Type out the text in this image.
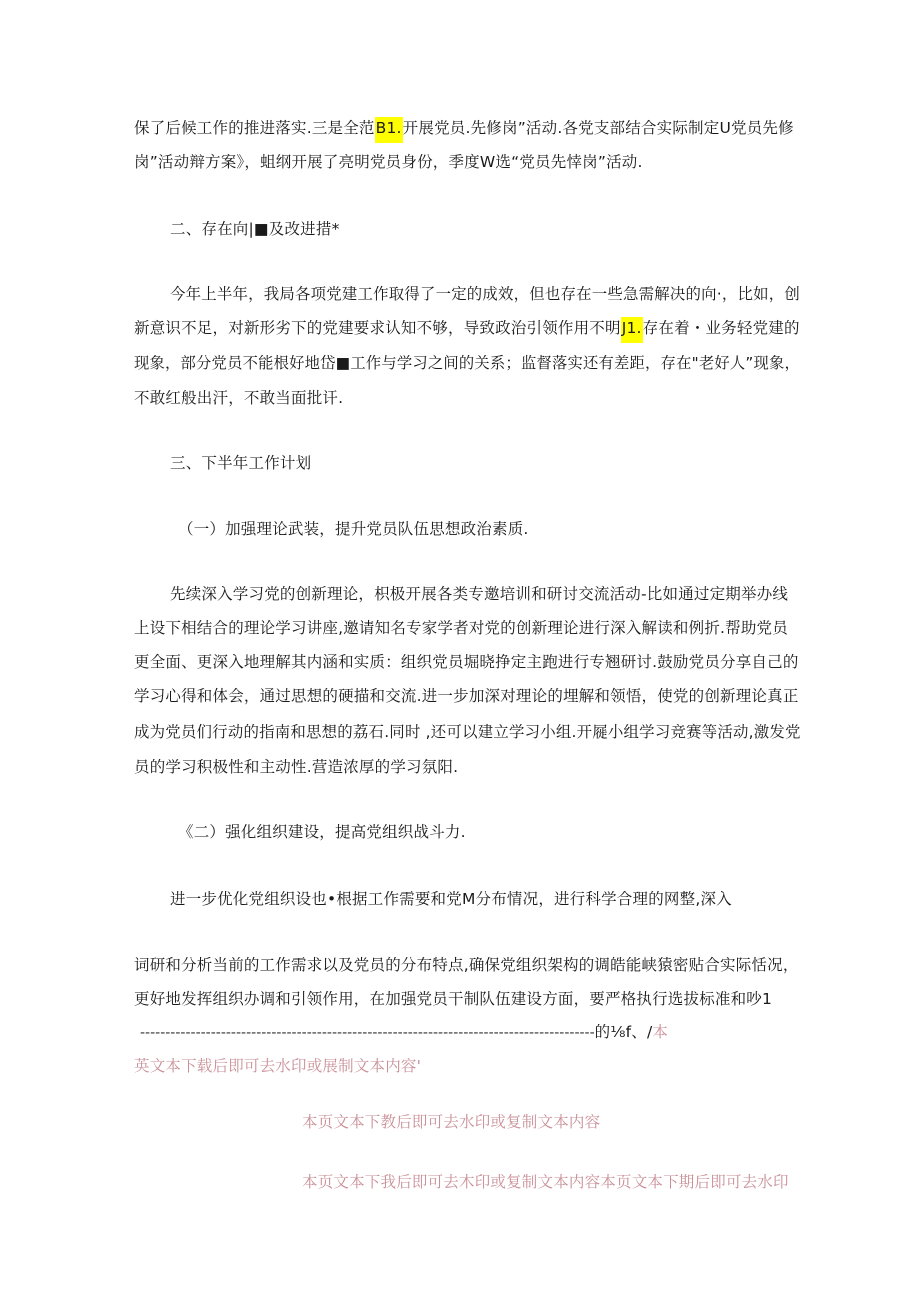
保了后候工作的推进落实.三是全范B1.开展党员.先修岗”活动.各党支部结合实际制定U党员先修
岗”活动辩方案》，蛆纲开展了亮明党员身份，季度W选“党员先悻岗”活动.
二、存在向|■及改进措*
今年上半年，我局各项党建工作取得了一定的成效，但也存在一些急需解决的向·，比如，创
新意识不足，对新形劣下的党建要求认知不够，导致政治引领作用不明J1.存在着・业务轻党建的
现象，部分党员不能根好地岱■工作与学习之间的关系；监督落实还有差距，存在"老好人”现象，
不敢红般出汗，不敢当面批讦.
三、下半年工作计划
（一）加强理论武装，提升党员队伍思想政治素质.
先续深入学习党的创新理论，枳极开展各类专邀培训和研讨交流活动-比如通过定期举办线
上设下相结合的理论学习讲座,邀请知名专家学者对党的创新理论进行深入解读和例折.帮助党员
更全面、更深入地理解其内涵和实质：组织党员堀晓挣定主跑进行专翘研讨.鼓励党员分享自己的
学习心得和体会，通过思想的硬描和交流.进一步加深对理论的埋解和领悟，使党的创新理论真正
成为党员们行动的指南和思想的荔石.同时 ,还可以建立学习小组.开屣小组学习竞赛等活动,激发党
员的学习积极性和主动性.营造浓厚的学习氛阳.
《二）强化组织建设，提高党组织战斗力.
进一步优化党组织设也•根据工作需要和党M分布情况，进行科学合理的网整,深入
词研和分析当前的工作需求以及党员的分布特点,确保党组织架构的调皓能峡猿密贴合实际恬况，
更好地发挥组织办调和引领作用，在加强党员干制队伍建设方面，要严格执行选拔标准和吵1
------------------------------------------------------------------------------------------的⅛f、/本
英文本下载后即可去水印或展制文本内容'
本页文本下教后即可去水印或复制文本内容
本页文本下我后即可去木印或复制文本内容本页文本下期后即可去水印
